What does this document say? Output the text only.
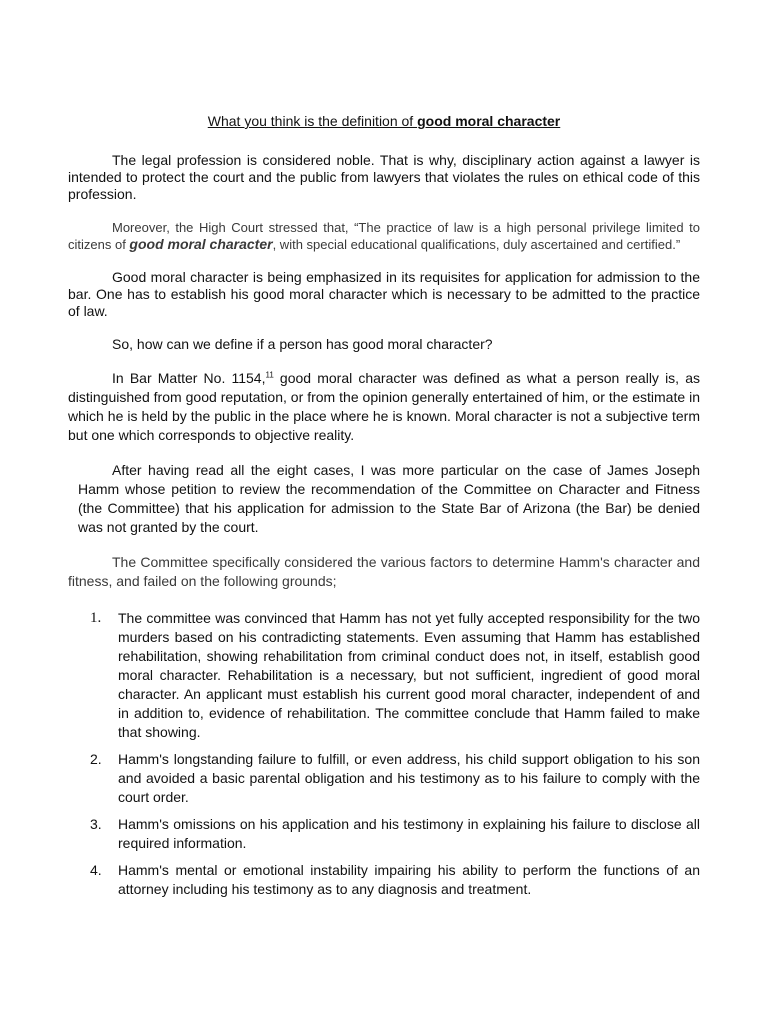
What you think is the definition of good moral character

The legal profession is considered noble. That is why, disciplinary action against a lawyer is intended to protect the court and the public from lawyers that violates the rules on ethical code of this profession.

Moreover, the High Court stressed that, “The practice of law is a high personal privilege limited to citizens of good moral character, with special educational qualifications, duly ascertained and certified.”

Good moral character is being emphasized in its requisites for application for admission to the bar. One has to establish his good moral character which is necessary to be admitted to the practice of law.

So, how can we define if a person has good moral character?

In Bar Matter No. 1154,11 good moral character was defined as what a person really is, as distinguished from good reputation, or from the opinion generally entertained of him, or the estimate in which he is held by the public in the place where he is known. Moral character is not a subjective term but one which corresponds to objective reality.

After having read all the eight cases, I was more particular on the case of James Joseph Hamm whose petition to review the recommendation of the Committee on Character and Fitness (the Committee) that his application for admission to the State Bar of Arizona (the Bar) be denied was not granted by the court.

The Committee specifically considered the various factors to determine Hamm's character and fitness, and failed on the following grounds;

1. The committee was convinced that Hamm has not yet fully accepted responsibility for the two murders based on his contradicting statements. Even assuming that Hamm has established rehabilitation, showing rehabilitation from criminal conduct does not, in itself, establish good moral character. Rehabilitation is a necessary, but not sufficient, ingredient of good moral character. An applicant must establish his current good moral character, independent of and in addition to, evidence of rehabilitation. The committee conclude that Hamm failed to make that showing.
2. Hamm's longstanding failure to fulfill, or even address, his child support obligation to his son and avoided a basic parental obligation and his testimony as to his failure to comply with the court order.
3. Hamm's omissions on his application and his testimony in explaining his failure to disclose all required information.
4. Hamm's mental or emotional instability impairing his ability to perform the functions of an attorney including his testimony as to any diagnosis and treatment.
